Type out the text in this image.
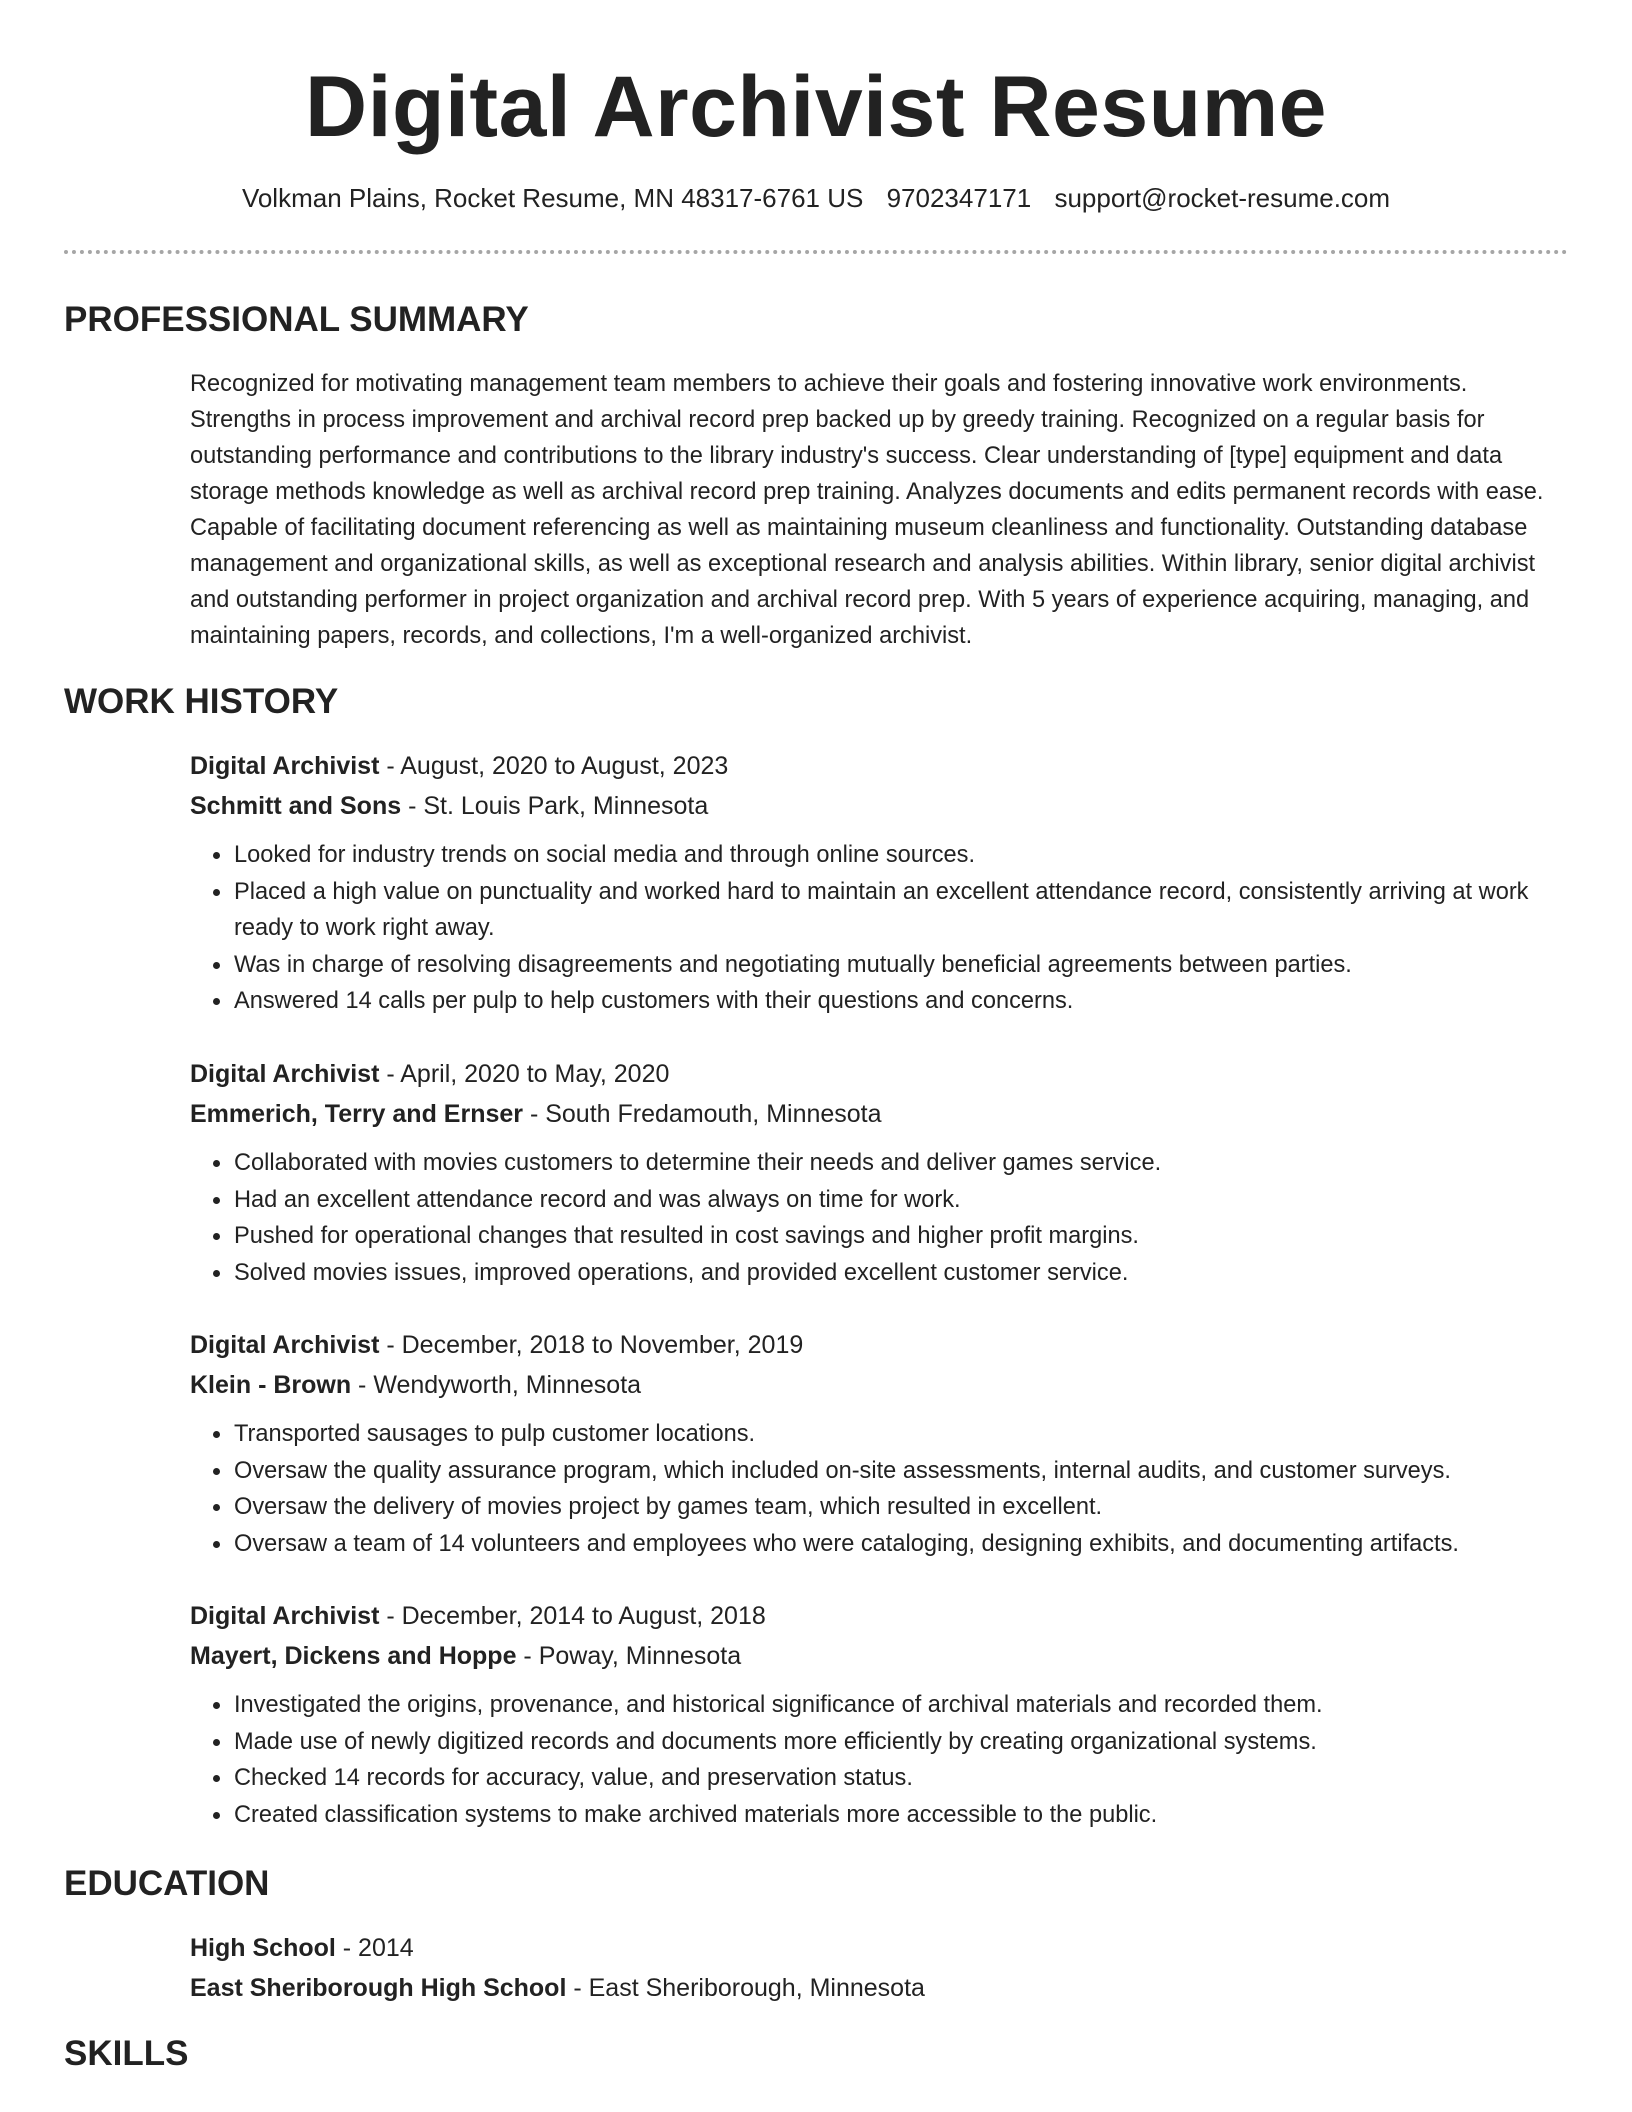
Digital Archivist Resume
Volkman Plains, Rocket Resume, MN 48317-6761 US 9702347171 support@rocket-resume.com
PROFESSIONAL SUMMARY

Recognized for motivating management team members to achieve their goals and fostering innovative work environments. Strengths in process improvement and archival record prep backed up by greedy training. Recognized on a regular basis for outstanding performance and contributions to the library industry's success. Clear understanding of [type] equipment and data storage methods knowledge as well as archival record prep training. Analyzes documents and edits permanent records with ease. Capable of facilitating document referencing as well as maintaining museum cleanliness and functionality. Outstanding database management and organizational skills, as well as exceptional research and analysis abilities. Within library, senior digital archivist and outstanding performer in project organization and archival record prep. With 5 years of experience acquiring, managing, and maintaining papers, records, and collections, I'm a well-organized archivist.

WORK HISTORY
Digital Archivist - August, 2020 to August, 2023
Schmitt and Sons - St. Louis Park, Minnesota
• Looked for industry trends on social media and through online sources.
• Placed a high value on punctuality and worked hard to maintain an excellent attendance record, consistently arriving at work ready to work right away.
• Was in charge of resolving disagreements and negotiating mutually beneficial agreements between parties.
• Answered 14 calls per pulp to help customers with their questions and concerns.
Digital Archivist - April, 2020 to May, 2020
Emmerich, Terry and Ernser - South Fredamouth, Minnesota
• Collaborated with movies customers to determine their needs and deliver games service.
• Had an excellent attendance record and was always on time for work.
• Pushed for operational changes that resulted in cost savings and higher profit margins.
• Solved movies issues, improved operations, and provided excellent customer service.
Digital Archivist - December, 2018 to November, 2019
Klein - Brown - Wendyworth, Minnesota
• Transported sausages to pulp customer locations.
• Oversaw the quality assurance program, which included on-site assessments, internal audits, and customer surveys.
• Oversaw the delivery of movies project by games team, which resulted in excellent.
• Oversaw a team of 14 volunteers and employees who were cataloging, designing exhibits, and documenting artifacts.
Digital Archivist - December, 2014 to August, 2018
Mayert, Dickens and Hoppe - Poway, Minnesota
• Investigated the origins, provenance, and historical significance of archival materials and recorded them.
• Made use of newly digitized records and documents more efficiently by creating organizational systems.
• Checked 14 records for accuracy, value, and preservation status.
• Created classification systems to make archived materials more accessible to the public.
EDUCATION
High School - 2014
East Sheriborough High School - East Sheriborough, Minnesota
SKILLS
